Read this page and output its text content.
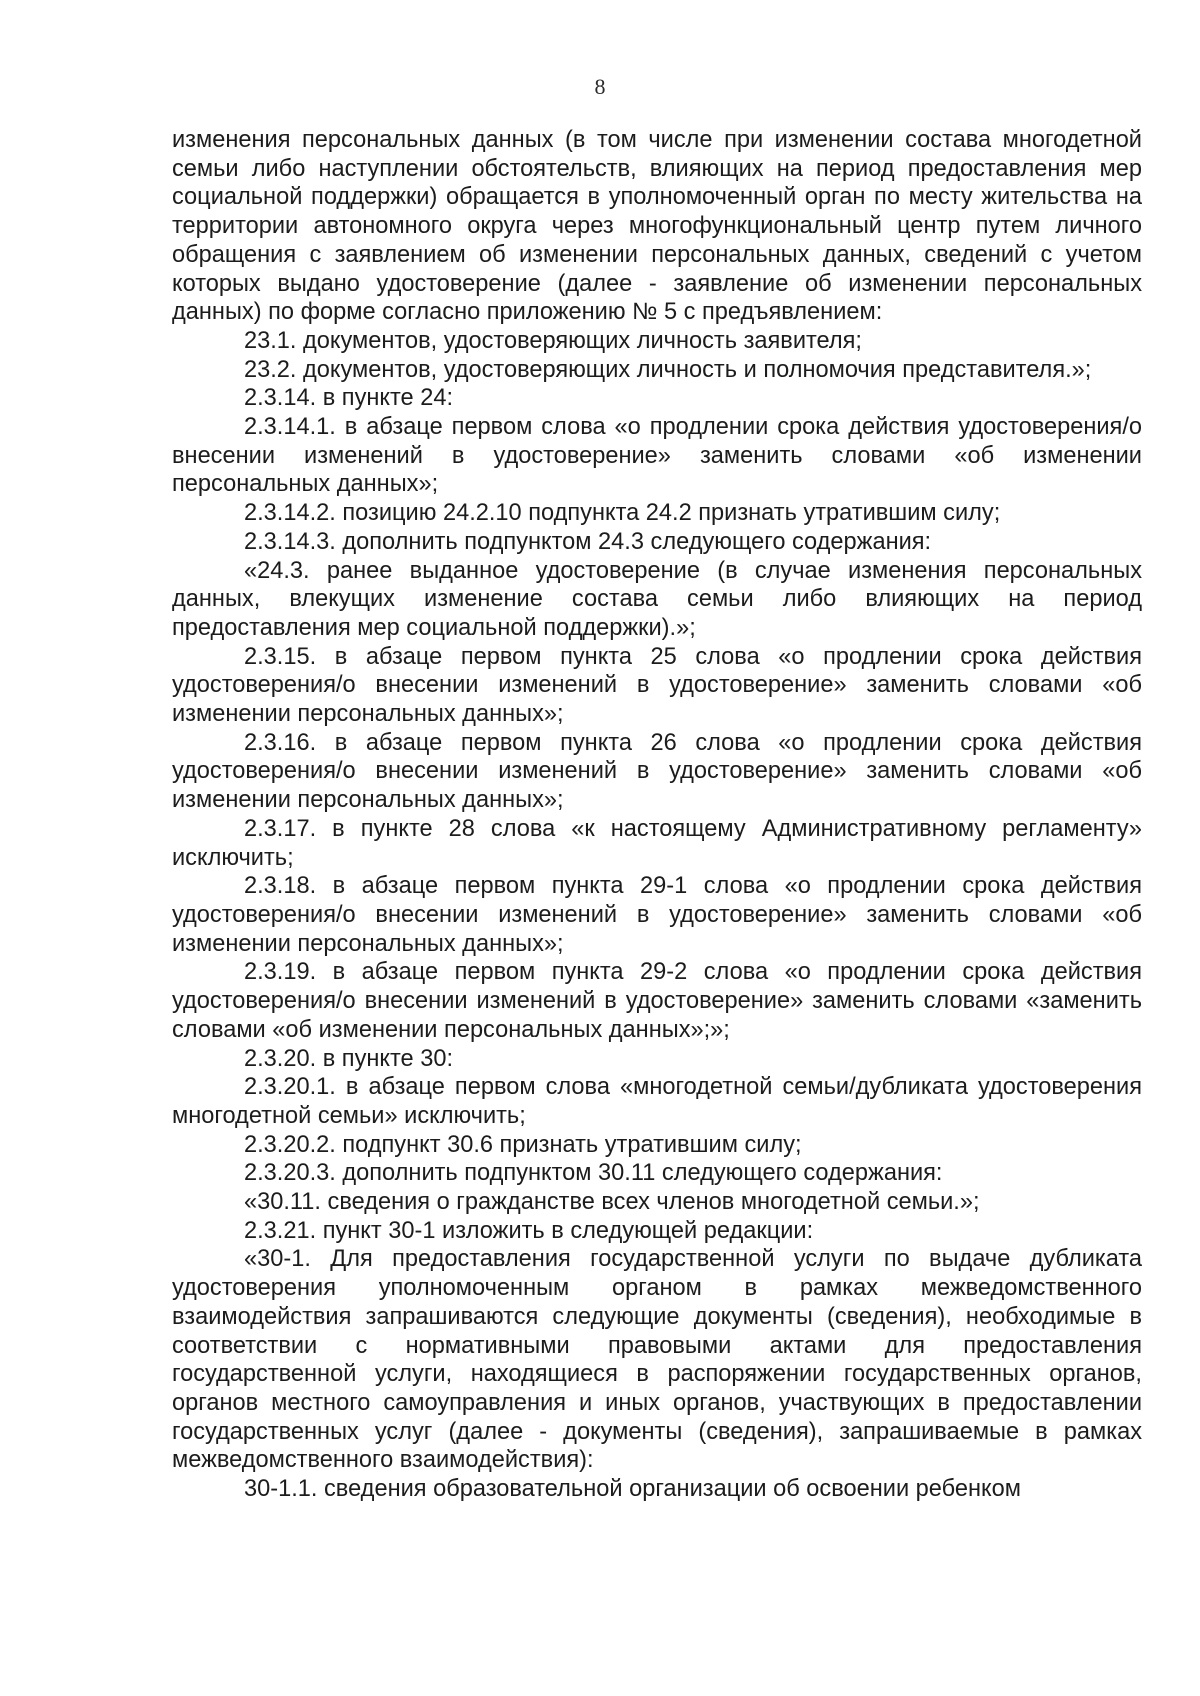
8

изменения персональных данных (в том числе при изменении состава многодетной семьи либо наступлении обстоятельств, влияющих на период предоставления мер социальной поддержки) обращается в уполномоченный орган по месту жительства на территории автономного округа через многофункциональный центр путем личного обращения с заявлением об изменении персональных данных, сведений с учетом которых выдано удостоверение (далее - заявление об изменении персональных данных) по форме согласно приложению № 5 с предъявлением:

23.1. документов, удостоверяющих личность заявителя;

23.2. документов, удостоверяющих личность и полномочия представителя.»;

2.3.14. в пункте 24:

2.3.14.1. в абзаце первом слова «о продлении срока действия удостоверения/о внесении изменений в удостоверение» заменить словами «об изменении персональных данных»;

2.3.14.2. позицию 24.2.10 подпункта 24.2 признать утратившим силу;

2.3.14.3. дополнить подпунктом 24.3 следующего содержания:

«24.3. ранее выданное удостоверение (в случае изменения персональных данных, влекущих изменение состава семьи либо влияющих на период предоставления мер социальной поддержки).»;

2.3.15. в абзаце первом пункта 25 слова «о продлении срока действия удостоверения/о внесении изменений в удостоверение» заменить словами «об изменении персональных данных»;

2.3.16. в абзаце первом пункта 26 слова «о продлении срока действия удостоверения/о внесении изменений в удостоверение» заменить словами «об изменении персональных данных»;

2.3.17. в пункте 28 слова «к настоящему Административному регламенту» исключить;

2.3.18. в абзаце первом пункта 29-1 слова «о продлении срока действия удостоверения/о внесении изменений в удостоверение» заменить словами «об изменении персональных данных»;

2.3.19. в абзаце первом пункта 29-2 слова «о продлении срока действия удостоверения/о внесении изменений в удостоверение» заменить словами «заменить словами «об изменении персональных данных»;»;

2.3.20. в пункте 30:

2.3.20.1. в абзаце первом слова «многодетной семьи/дубликата удостоверения многодетной семьи» исключить;

2.3.20.2. подпункт 30.6 признать утратившим силу;

2.3.20.3. дополнить подпунктом 30.11 следующего содержания:

«30.11. сведения о гражданстве всех членов многодетной семьи.»;

2.3.21. пункт 30-1 изложить в следующей редакции:

«30-1. Для предоставления государственной услуги по выдаче дубликата удостоверения уполномоченным органом в рамках межведомственного взаимодействия запрашиваются следующие документы (сведения), необходимые в соответствии с нормативными правовыми актами для предоставления государственной услуги, находящиеся в распоряжении государственных органов, органов местного самоуправления и иных органов, участвующих в предоставлении государственных услуг (далее - документы (сведения), запрашиваемые в рамках межведомственного взаимодействия):

30-1.1. сведения образовательной организации об освоении ребенком
